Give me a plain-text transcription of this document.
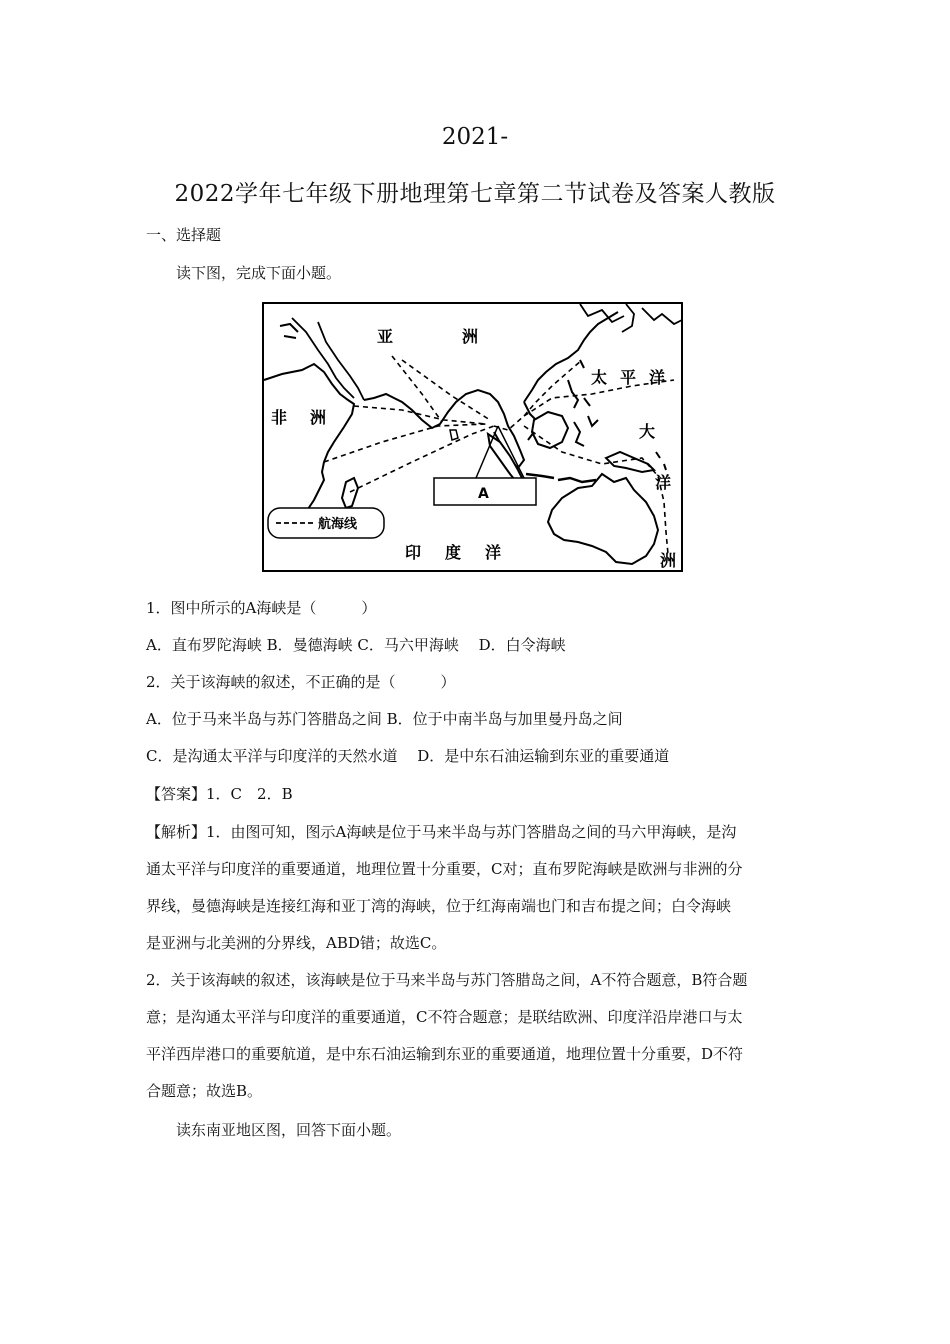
2021-
2022学年七年级下册地理第七章第二节试卷及答案人教版
一、选择题
读下图，完成下面小题。
A
航海线
亚	洲
非 洲
太 平 洋
大
洋
洲
印 度 洋
1．图中所示的A海峡是（　　　）
A．直布罗陀海峡 B．曼德海峡 C．马六甲海峡　 D．白令海峡
2．关于该海峡的叙述，不正确的是（　　　）
A．位于马来半岛与苏门答腊岛之间 B．位于中南半岛与加里曼丹岛之间
C．是沟通太平洋与印度洋的天然水道　 D．是中东石油运输到东亚的重要通道
【答案】1．C　2．B
【解析】1．由图可知，图示A海峡是位于马来半岛与苏门答腊岛之间的马六甲海峡，是沟
通太平洋与印度洋的重要通道，地理位置十分重要，C对；直布罗陀海峡是欧洲与非洲的分
界线，曼德海峡是连接红海和亚丁湾的海峡，位于红海南端也门和吉布提之间；白令海峡
是亚洲与北美洲的分界线，ABD错；故选C。
2．关于该海峡的叙述，该海峡是位于马来半岛与苏门答腊岛之间，A不符合题意，B符合题
意；是沟通太平洋与印度洋的重要通道，C不符合题意；是联结欧洲、印度洋沿岸港口与太
平洋西岸港口的重要航道，是中东石油运输到东亚的重要通道，地理位置十分重要，D不符
合题意；故选B。
读东南亚地区图，回答下面小题。
